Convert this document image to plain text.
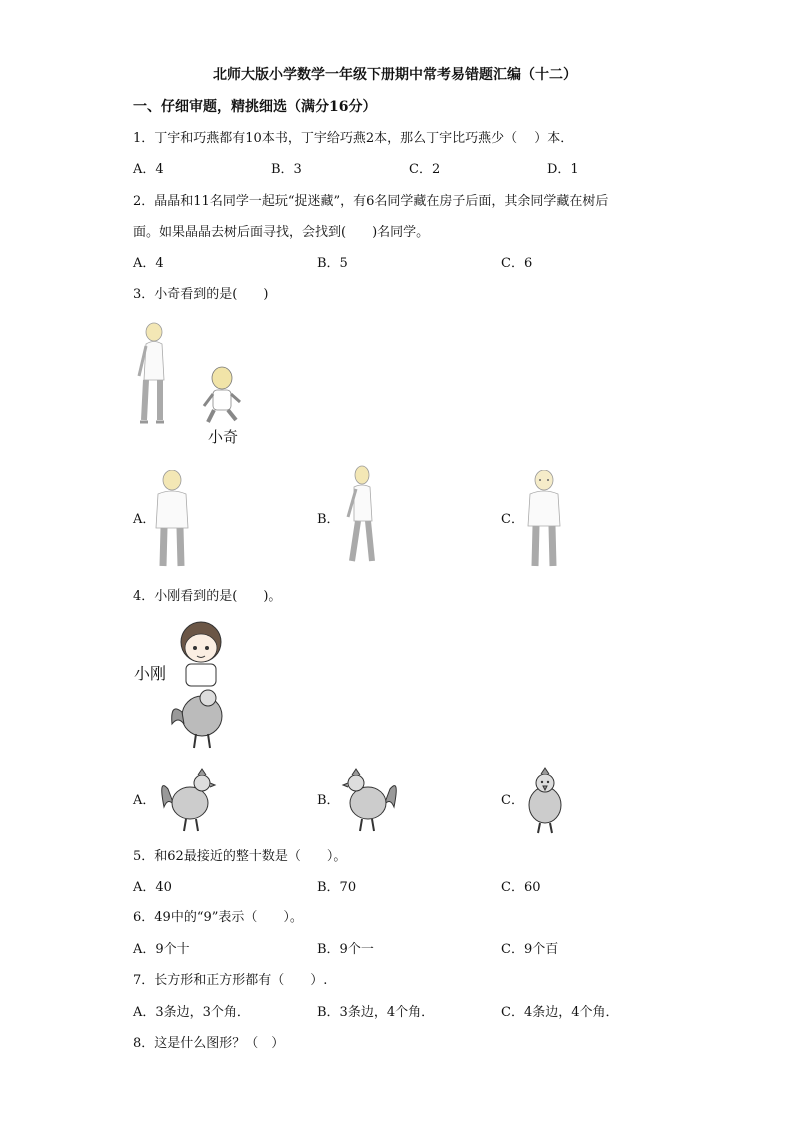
北师大版小学数学一年级下册期中常考易错题汇编（十二）
一、仔细审题，精挑细选（满分16分）
1．丁宇和巧燕都有10本书，丁宇给巧燕2本，那么丁宇比巧燕少（　 ）本．
A．4	B．3	C．2	D．1
2．晶晶和11名同学一起玩“捉迷藏”，有6名同学藏在房子后面，其余同学藏在树后
面。如果晶晶去树后面寻找，会找到(　　)名同学。
A．4	B．5	C．6
3．小奇看到的是(　　)
小奇
A．	B．	C．
4．小刚看到的是(　　)。
小刚
A．	B．	C．
5．和62最接近的整十数是（　　）。
A．40	B．70	C．60
6．49中的“9”表示（　　）。
A．9个十	B．9个一	C．9个百
7．长方形和正方形都有（　　）.
A．3条边，3个角．	B．3条边，4个角．	C．4条边，4个角．
8．这是什么图形？（　）
